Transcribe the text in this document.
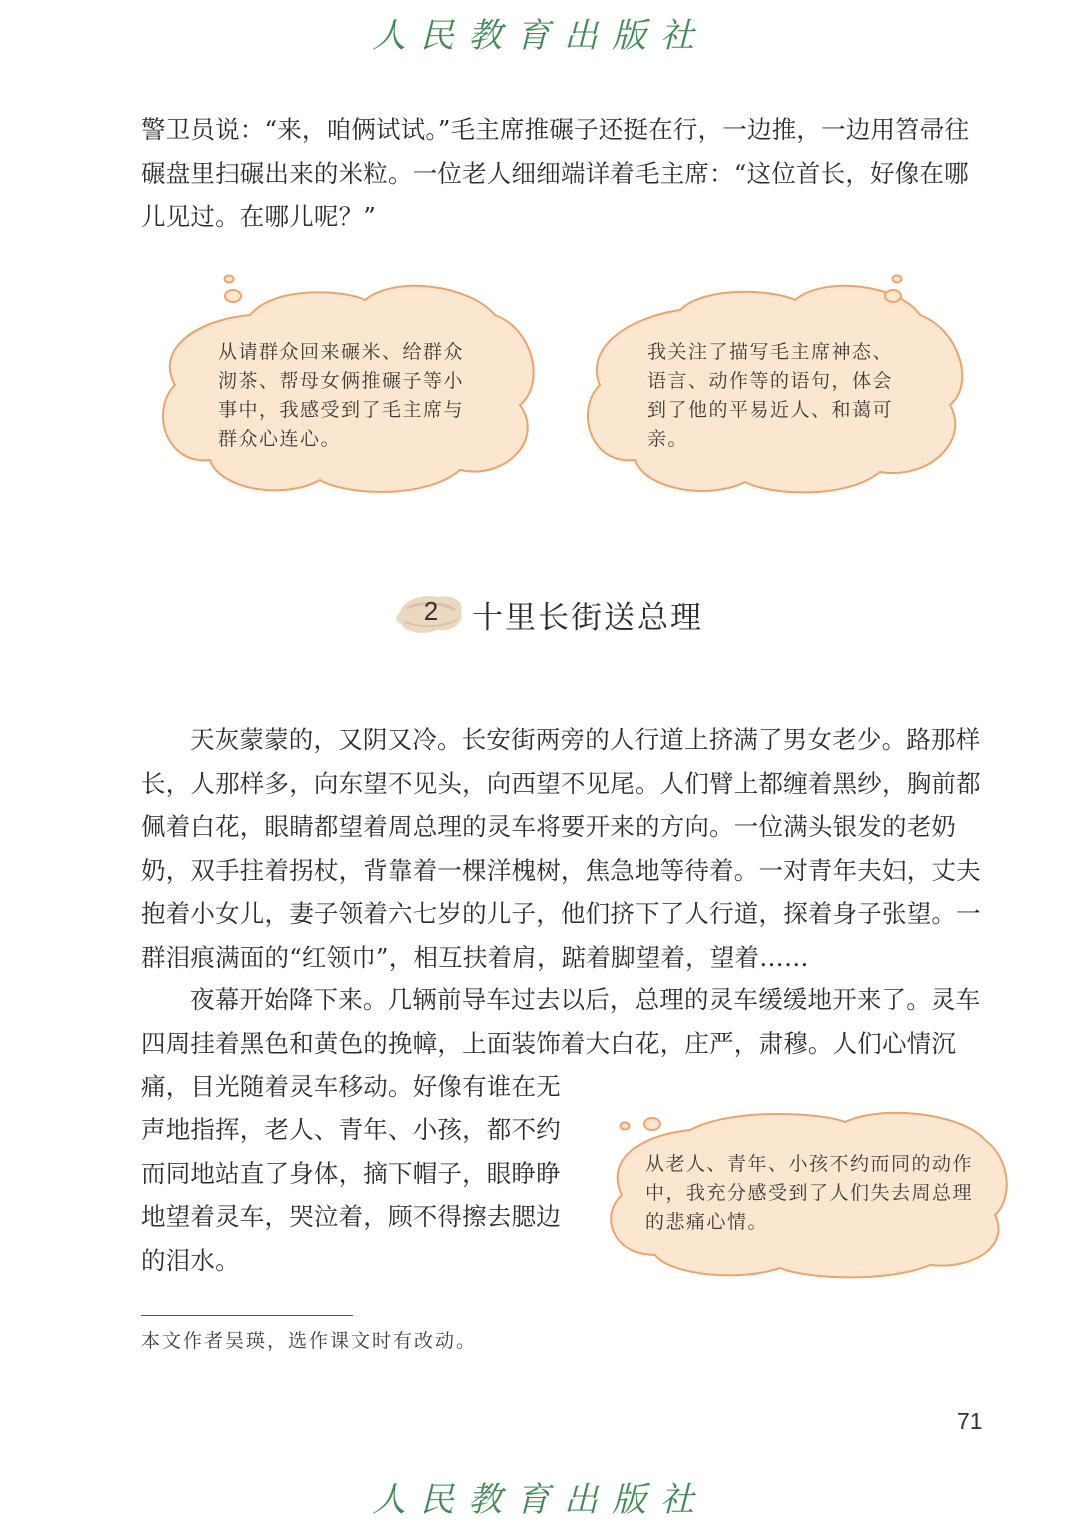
人民教育出版社

警卫员说：“来，咱俩试试。”毛主席推碾子还挺在行，一边推，一边用笤帚往碾盘里扫碾出来的米粒。一位老人细细端详着毛主席：“这位首长，好像在哪儿见过。在哪儿呢？”

从请群众回来碾米、给群众沏茶、帮母女俩推碾子等小事中，我感受到了毛主席与群众心连心。

我关注了描写毛主席神态、语言、动作等的语句，体会到了他的平易近人、和蔼可亲。

2	十里长街送总理

天灰蒙蒙的，又阴又冷。长安街两旁的人行道上挤满了男女老少。路那样长，人那样多，向东望不见头，向西望不见尾。人们臂上都缠着黑纱，胸前都佩着白花，眼睛都望着周总理的灵车将要开来的方向。一位满头银发的老奶奶，双手拄着拐杖，背靠着一棵洋槐树，焦急地等待着。一对青年夫妇，丈夫抱着小女儿，妻子领着六七岁的儿子，他们挤下了人行道，探着身子张望。一群泪痕满面的“红领巾”，相互扶着肩，踮着脚望着，望着……

夜幕开始降下来。几辆前导车过去以后，总理的灵车缓缓地开来了。灵车四周挂着黑色和黄色的挽幛，上面装饰着大白花，庄严，肃穆。人们心情沉痛，目光随着灵车移动。好像有谁在无

声地指挥，老人、青年、小孩，都不约而同地站直了身体，摘下帽子，眼睁睁地望着灵车，哭泣着，顾不得擦去腮边的泪水。

从老人、青年、小孩不约而同的动作中，我充分感受到了人们失去周总理的悲痛心情。

本文作者吴瑛，选作课文时有改动。
71
人民教育出版社
